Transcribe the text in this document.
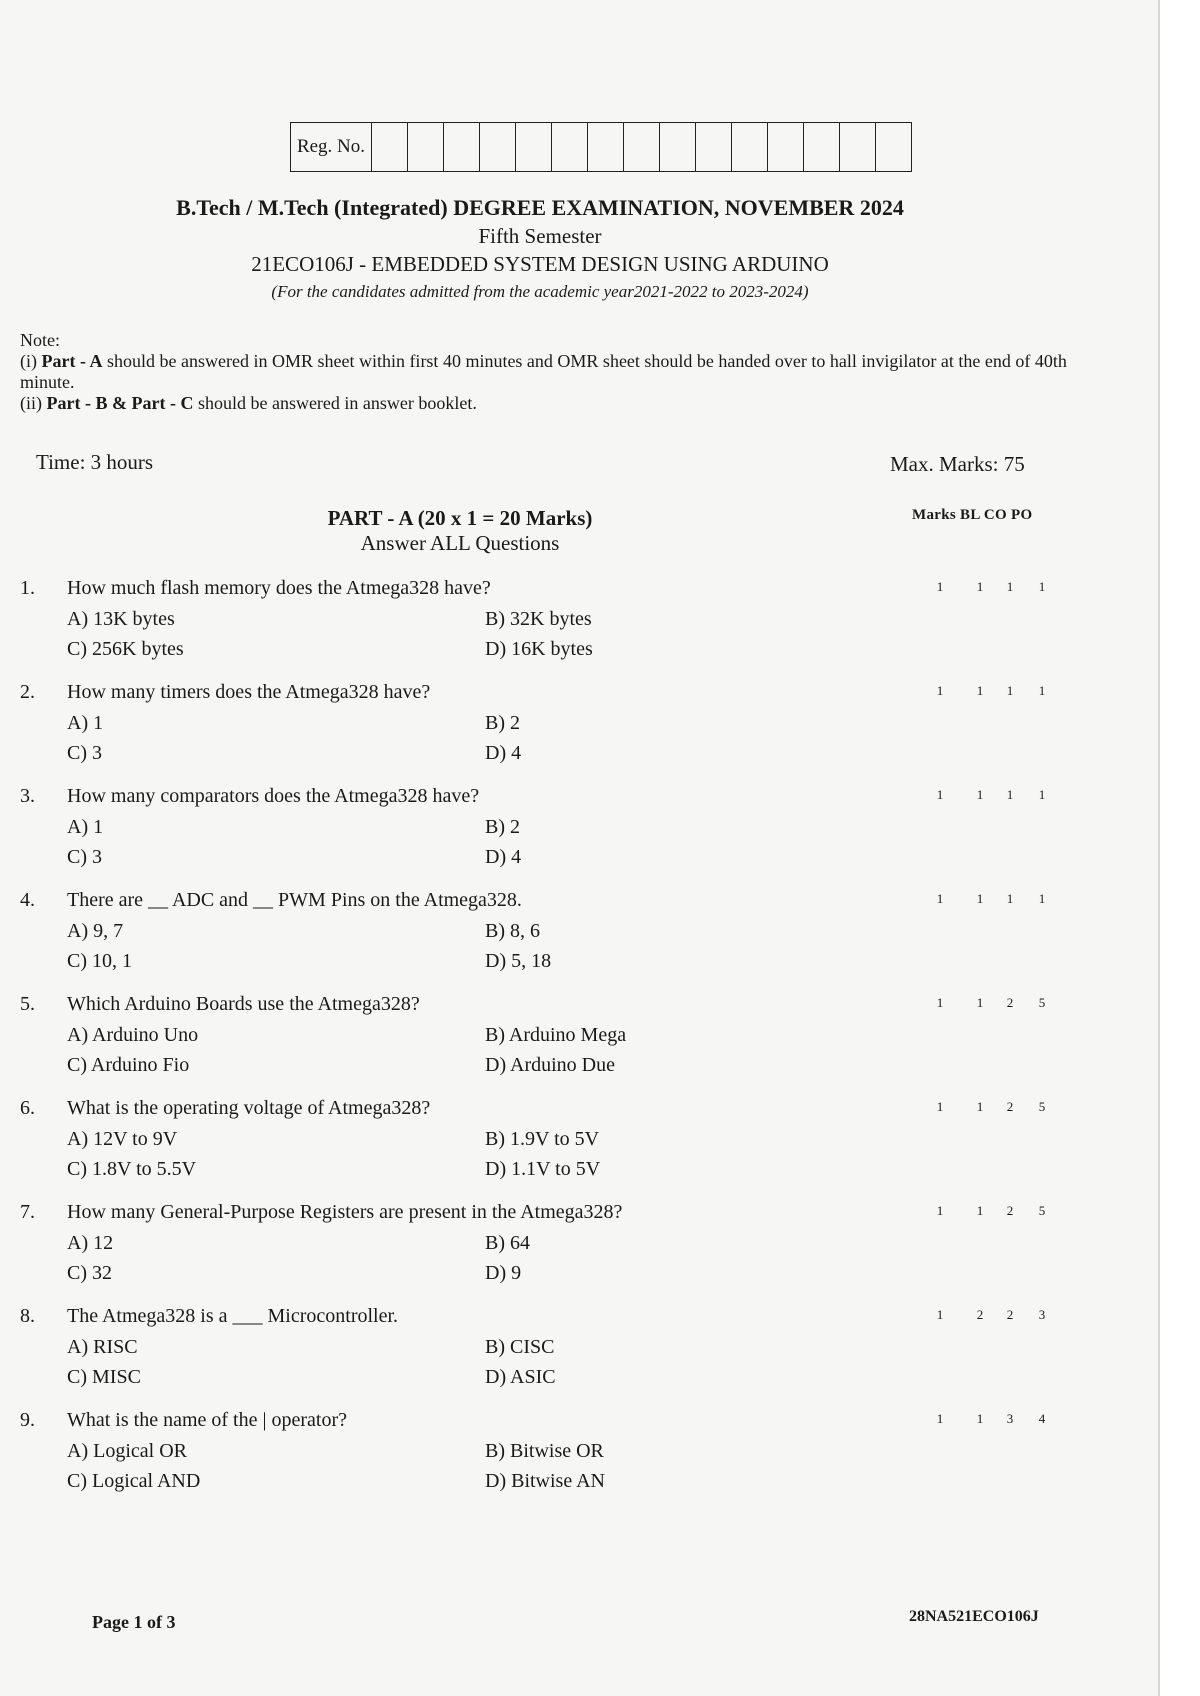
Reg. No.
B.Tech / M.Tech (Integrated) DEGREE EXAMINATION, NOVEMBER 2024
Fifth Semester
21ECO106J - EMBEDDED SYSTEM DESIGN USING ARDUINO
(For the candidates admitted from the academic year2021-2022 to 2023-2024)

Note:

(i) Part - A should be answered in OMR sheet within first 40 minutes and OMR sheet should be handed over to hall invigilator at the end of 40th minute.

(ii) Part - B & Part - C should be answered in answer booklet.

Time: 3 hours	Max. Marks: 75
PART - A (20 x 1 = 20 Marks)
Answer ALL Questions
Marks BL CO PO
1. How much flash memory does the Atmega328 have?
A) 13K bytes	B) 32K bytes
C) 256K bytes	D) 16K bytes
1	1	1	1
2. How many timers does the Atmega328 have?
A) 1	B) 2
C) 3	D) 4
1	1	1	1
3. How many comparators does the Atmega328 have?
A) 1	B) 2
C) 3	D) 4
1	1	1	1
4. There are __ ADC and __ PWM Pins on the Atmega328.
A) 9, 7	B) 8, 6
C) 10, 1	D) 5, 18
1	1	1	1
5. Which Arduino Boards use the Atmega328?
A) Arduino Uno	B) Arduino Mega
C) Arduino Fio	D) Arduino Due
1	1	2	5
6. What is the operating voltage of Atmega328?
A) 12V to 9V	B) 1.9V to 5V
C) 1.8V to 5.5V	D) 1.1V to 5V
1	1	2	5
7. How many General-Purpose Registers are present in the Atmega328?
A) 12	B) 64
C) 32	D) 9
1	1	2	5
8. The Atmega328 is a ___ Microcontroller.
A) RISC	B) CISC
C) MISC	D) ASIC
1	2	2	3
9. What is the name of the | operator?
A) Logical OR	B) Bitwise OR
C) Logical AND	D) Bitwise AN
1	1	3	4
Page 1 of 3	28NA521ECO106J
